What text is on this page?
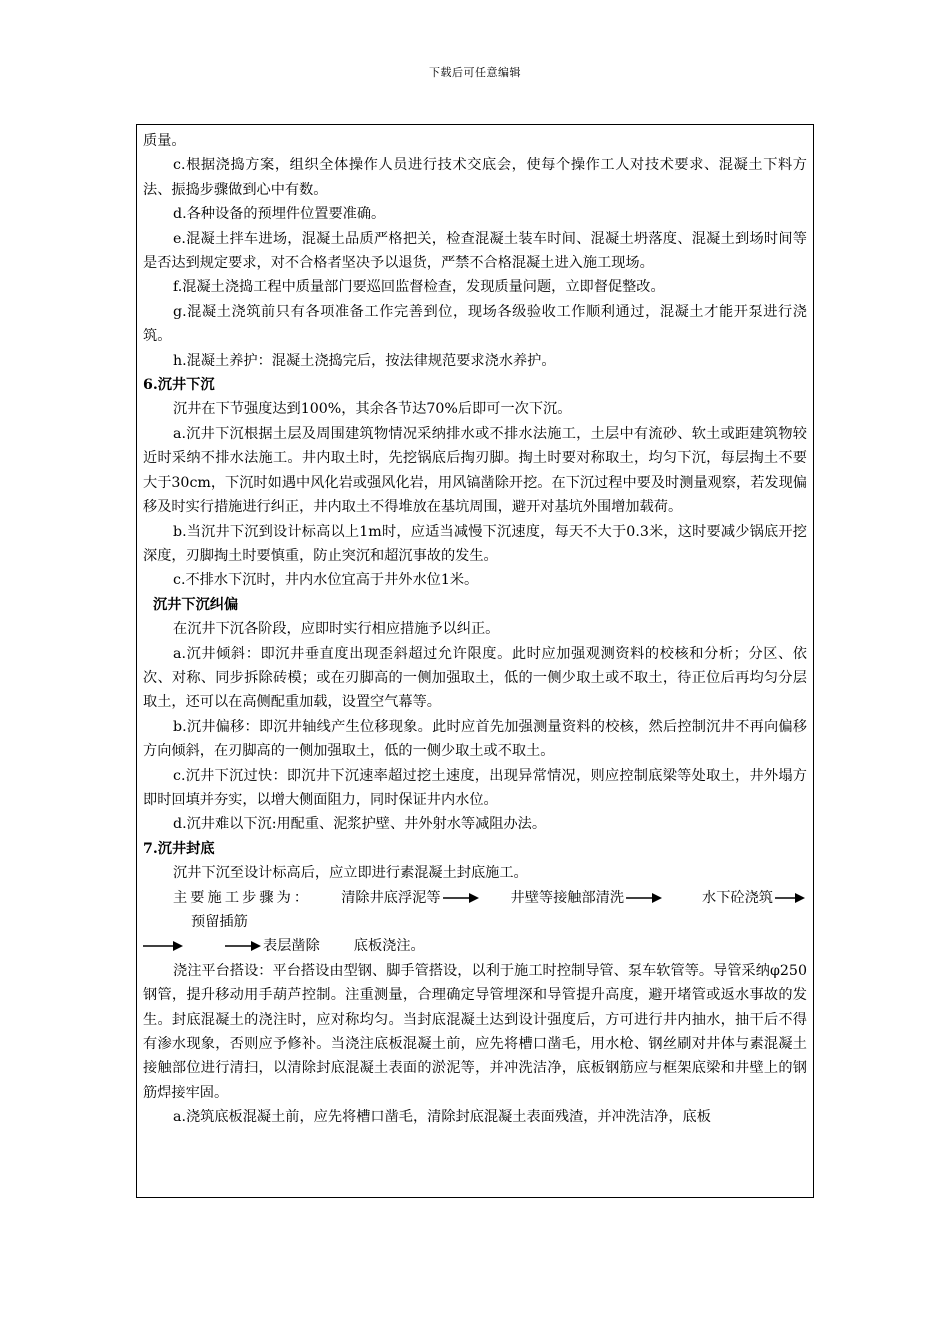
下载后可任意编辑
质量。
c.根据浇捣方案，组织全体操作人员进行技术交底会，使每个操作工人对技术要求、混凝土下料方法、振捣步骤做到心中有数。
d.各种设备的预埋件位置要准确。
e.混凝土拌车进场，混凝土品质严格把关，检查混凝土装车时间、混凝土坍落度、混凝土到场时间等是否达到规定要求，对不合格者坚决予以退货，严禁不合格混凝土进入施工现场。
f.混凝土浇捣工程中质量部门要巡回监督检查，发现质量问题，立即督促整改。
g.混凝土浇筑前只有各项准备工作完善到位，现场各级验收工作顺利通过，混凝土才能开泵进行浇筑。
h.混凝土养护：混凝土浇捣完后，按法律规范要求浇水养护。
6.沉井下沉
沉井在下节强度达到100%，其余各节达70%后即可一次下沉。
a.沉井下沉根据土层及周围建筑物情况采纳排水或不排水法施工，土层中有流砂、软土或距建筑物较近时采纳不排水法施工。井内取土时，先挖锅底后掏刃脚。掏土时要对称取土，均匀下沉，每层掏土不要大于30cm，下沉时如遇中风化岩或强风化岩，用风镐凿除开挖。在下沉过程中要及时测量观察，若发现偏移及时实行措施进行纠正，井内取土不得堆放在基坑周围，避开对基坑外围增加载荷。
b.当沉井下沉到设计标高以上1m时，应适当减慢下沉速度，每天不大于0.3米，这时要减少锅底开挖深度，刃脚掏土时要慎重，防止突沉和超沉事故的发生。
c.不排水下沉时，井内水位宜高于井外水位1米。
沉井下沉纠偏
在沉井下沉各阶段，应即时实行相应措施予以纠正。
a.沉井倾斜：即沉井垂直度出现歪斜超过允许限度。此时应加强观测资料的校核和分析；分区、依次、对称、同步拆除砖模；或在刃脚高的一侧加强取土，低的一侧少取土或不取土，待正位后再均匀分层取土，还可以在高侧配重加载，设置空气幕等。
b.沉井偏移：即沉井轴线产生位移现象。此时应首先加强测量资料的校核，然后控制沉井不再向偏移方向倾斜，在刃脚高的一侧加强取土，低的一侧少取土或不取土。
c.沉井下沉过快：即沉井下沉速率超过挖土速度，出现异常情况，则应控制底梁等处取土，井外塌方即时回填并夯实，以增大侧面阻力，同时保证井内水位。
d.沉井难以下沉:用配重、泥浆护壁、井外射水等减阻办法。
7.沉井封底
沉井下沉至设计标高后，应立即进行素混凝土封底施工。
主要施工步骤为： 清除井底浮泥等	井壁等接触部清洗	水下砼浇筑
预留插筋
表层凿除 底板浇注。
浇注平台搭设：平台搭设由型钢、脚手管搭设，以利于施工时控制导管、泵车软管等。导管采纳φ250钢管，提升移动用手葫芦控制。注重测量，合理确定导管埋深和导管提升高度，避开堵管或返水事故的发生。封底混凝土的浇注时，应对称均匀。当封底混凝土达到设计强度后，方可进行井内抽水，抽干后不得有渗水现象，否则应予修补。当浇注底板混凝土前，应先将槽口凿毛，用水枪、钢丝刷对井体与素混凝土接触部位进行清扫，以清除封底混凝土表面的淤泥等，并冲洗洁净，底板钢筋应与框架底梁和井壁上的钢筋焊接牢固。
a.浇筑底板混凝土前，应先将槽口凿毛，清除封底混凝土表面残渣，并冲洗洁净，底板
